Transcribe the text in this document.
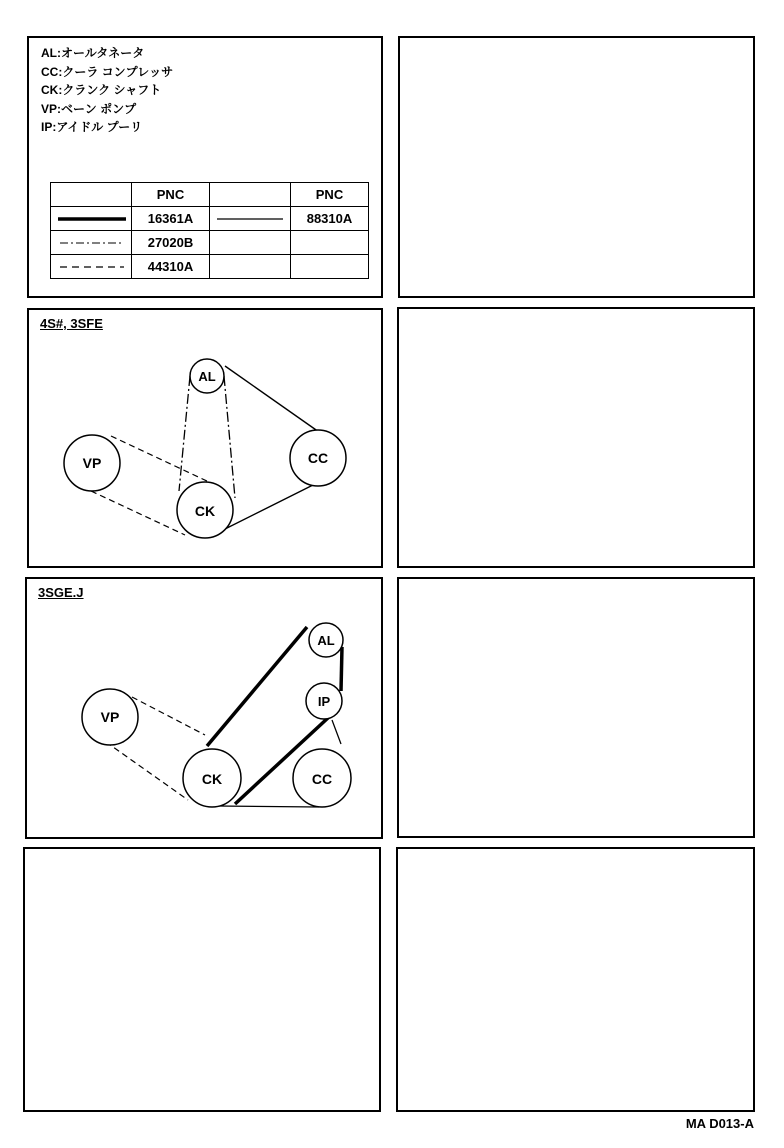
AL:オールタネータ
CC:クーラ コンプレッサ
CK:クランク シャフト
VP:ベーン ポンプ
IP:アイドル プーリ
	PNC		PNC

	16361A		88310A

	27020B		

	44310A		
4S#, 3SFE
AL
CC
VP
CK
3SGE.J
AL
IP
VP
CK	CC
MA D013-A
